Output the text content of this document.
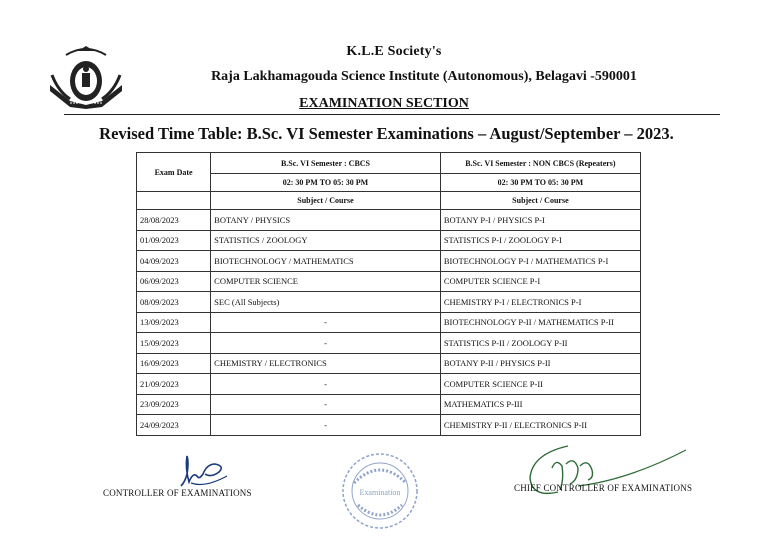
K.L.E Society's
Raja Lakhamagouda Science Institute (Autonomous), Belagavi -590001
EXAMINATION SECTION
Revised Time Table: B.Sc. VI Semester Examinations – August/September – 2023.
Exam Date	B.Sc. VI Semester : CBCS	B.Sc. VI Semester : NON CBCS (Repeaters)
	02: 30 PM TO 05: 30 PM	02: 30 PM TO 05: 30 PM
	Subject / Course	Subject / Course
28/08/2023	BOTANY / PHYSICS	BOTANY P-I / PHYSICS P-I
01/09/2023	STATISTICS / ZOOLOGY	STATISTICS P-I / ZOOLOGY P-I
04/09/2023	BIOTECHNOLOGY / MATHEMATICS	BIOTECHNOLOGY P-I / MATHEMATICS P-I
06/09/2023	COMPUTER SCIENCE	COMPUTER SCIENCE P-I
08/09/2023	SEC (All Subjects)	CHEMISTRY P-I / ELECTRONICS P-I
13/09/2023	-	BIOTECHNOLOGY P-II / MATHEMATICS P-II
15/09/2023	-	STATISTICS P-II / ZOOLOGY P-II
16/09/2023	CHEMISTRY / ELECTRONICS	BOTANY P-II / PHYSICS P-II
21/09/2023	-	COMPUTER SCIENCE P-II
23/09/2023	-	MATHEMATICS P-III
24/09/2023	-	CHEMISTRY P-II / ELECTRONICS P-II
CONTROLLER OF EXAMINATIONS	Examination	CHIEF CONTROLLER OF EXAMINATIONS
